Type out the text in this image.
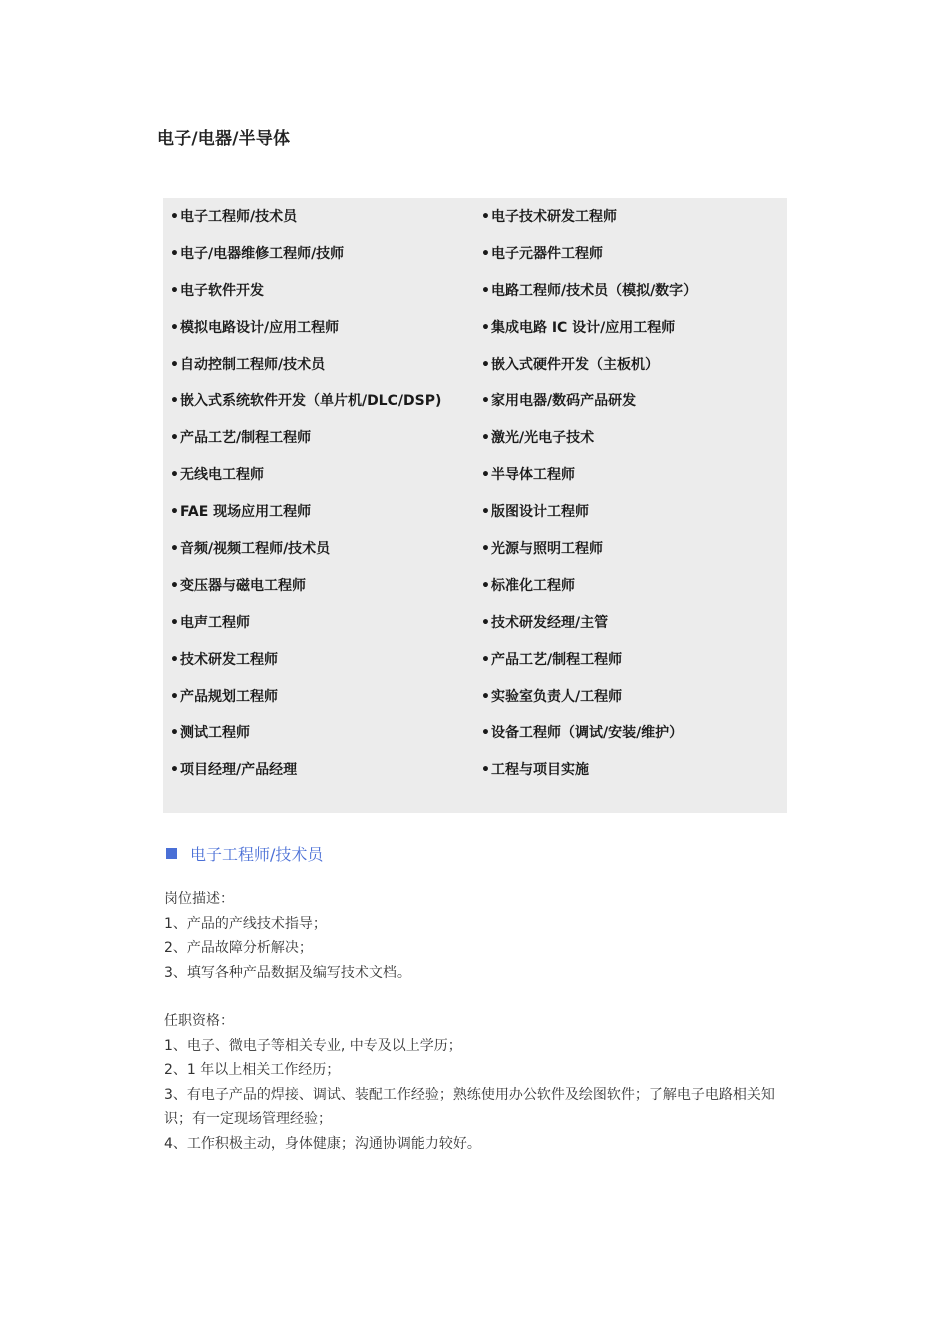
电子/电器/半导体
•电子工程师/技术员
•电子/电器维修工程师/技师
•电子软件开发
•模拟电路设计/应用工程师
•自动控制工程师/技术员
•嵌入式系统软件开发（单片机/DLC/DSP)
•产品工艺/制程工程师
•无线电工程师
•FAE 现场应用工程师
•音频/视频工程师/技术员
•变压器与磁电工程师
•电声工程师
•技术研发工程师
•产品规划工程师
•测试工程师
•项目经理/产品经理
•电子技术研发工程师
•电子元器件工程师
•电路工程师/技术员（模拟/数字）
•集成电路 IC 设计/应用工程师
•嵌入式硬件开发（主板机）
•家用电器/数码产品研发
•激光/光电子技术
•半导体工程师
•版图设计工程师
•光源与照明工程师
•标准化工程师
•技术研发经理/主管
•产品工艺/制程工程师
•实验室负责人/工程师
•设备工程师（调试/安装/维护）
•工程与项目实施
电子工程师/技术员

岗位描述：

1、产品的产线技术指导；

2、产品故障分析解决；

3、填写各种产品数据及编写技术文档。

任职资格：

1、电子、微电子等相关专业, 中专及以上学历；

2、1 年以上相关工作经历；

3、有电子产品的焊接、调试、装配工作经验；熟练使用办公软件及绘图软件；了解电子电路相关知识；有一定现场管理经验；

4、工作积极主动，身体健康；沟通协调能力较好。
